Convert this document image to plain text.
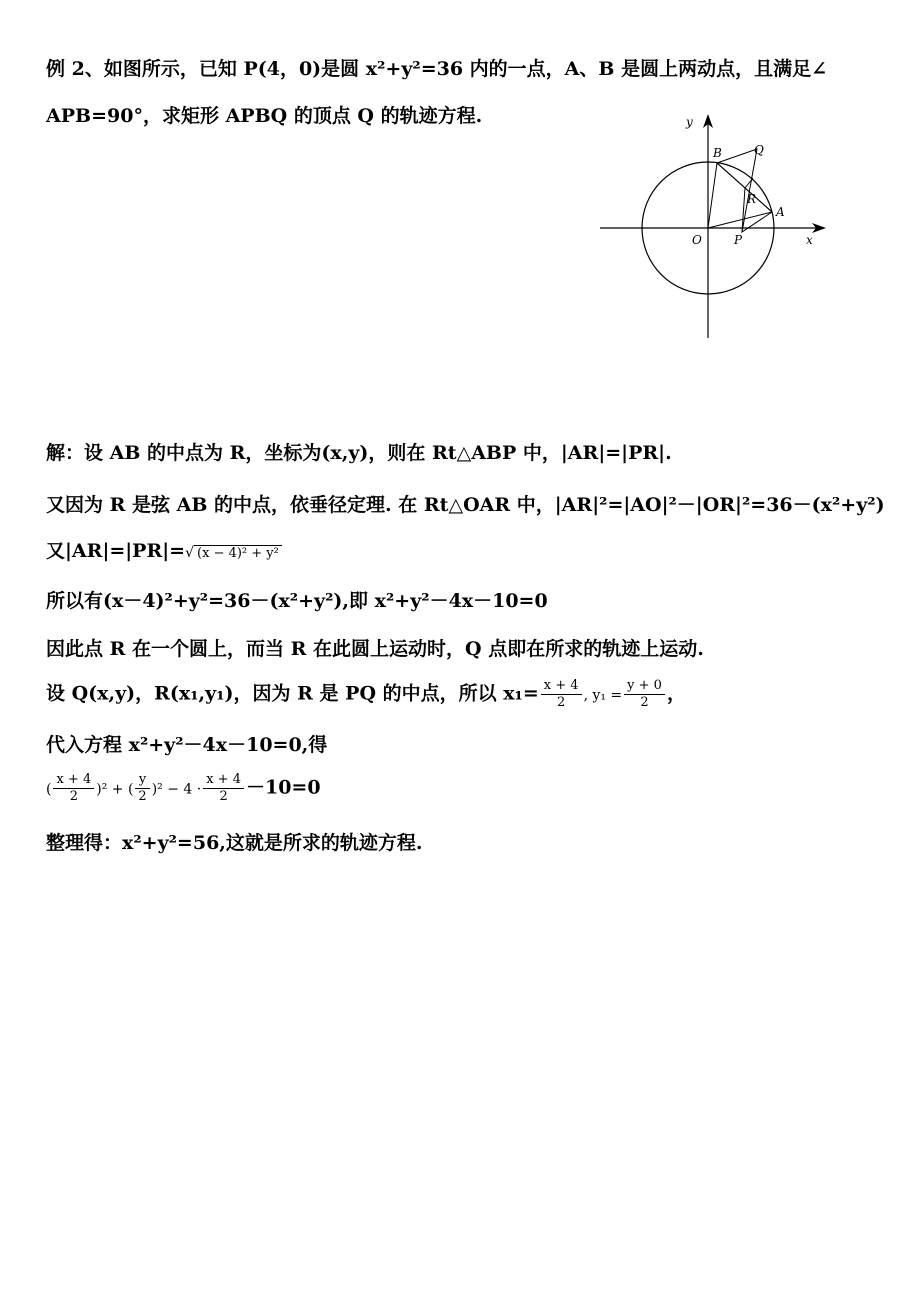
例 2、如图所示，已知 P(4，0)是圆 x²+y²=36 内的一点，A、B 是圆上两动点，且满足∠
APB=90°，求矩形 APBQ 的顶点 Q 的轨迹方程.	y
x
O	P
A
B	Q
R
解：设 AB 的中点为 R，坐标为(x,y)，则在 Rt△ABP 中，|AR|=|PR|.
又因为 R 是弦 AB 的中点，依垂径定理. 在 Rt△OAR 中，|AR|²=|AO|²－|OR|²=36－(x²+y²)
又|AR|=|PR|=√ (x − 4)² + y²
所以有(x－4)²+y²=36－(x²+y²),即 x²+y²－4x－10=0
因此点 R 在一个圆上，而当 R 在此圆上运动时，Q 点即在所求的轨迹上运动.
设 Q(x,y)，R(x₁,y₁)，因为 R 是 PQ 的中点，所以 $x_1= \frac{x + 4}{2}$ , $y_1 = \frac{y + 0}{2}$ ，
代入方程 x²+y²－4x－10=0,得
( $\frac{x + 4}{2} )^2$ + ( $\frac{y}{2} )^2 - 4 \cdot \frac{x + 4}{2} -10=0$
整理得：x²+y²=56,这就是所求的轨迹方程.
